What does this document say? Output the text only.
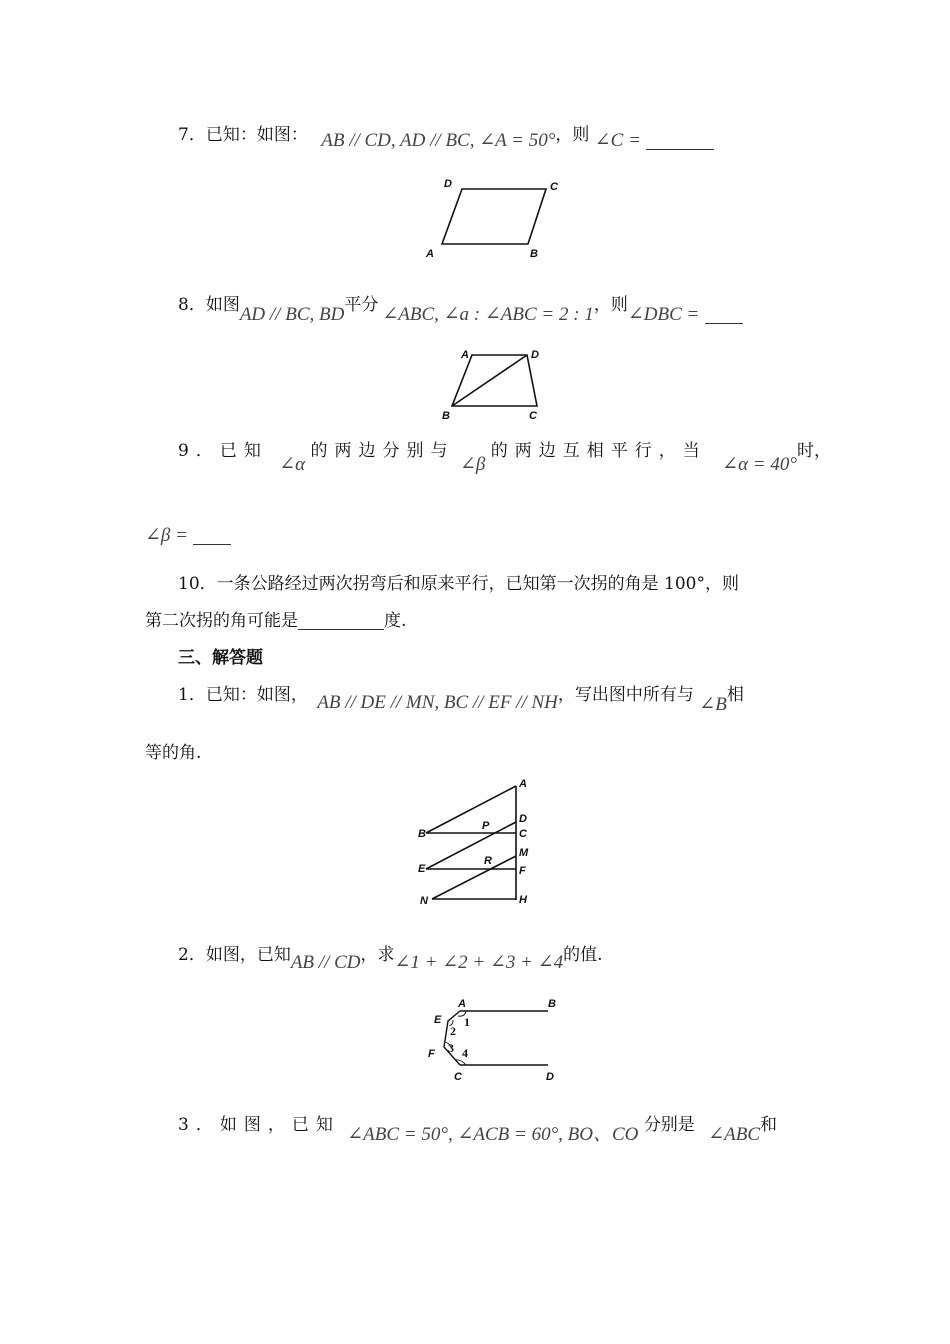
7．已知：如图： AB // CD, AD // BC, ∠A = 50°，则 ∠C =
D	C
A	B
8．如图AD // BC, BD平分 ∠ABC, ∠a : ∠ABC = 2 : 1，则∠DBC =
A	D
B	C
9．已知 ∠α 的两边分别与 ∠β 的两边互相平行，当 ∠α = 40°时，
∠β =
10．一条公路经过两次拐弯后和原来平行，已知第一次拐的角是 100°，则
第二次拐的角可能是	度.
三、解答题
1．已知：如图， AB // DE // MN, BC // EF // NH，写出图中所有与 ∠B相
等的角.
A
D
C
P
B
M
R
E	F
N	H
2．如图，已知AB // CD，求∠1 + ∠2 + ∠3 + ∠4的值.
A	B
E
F
C	D
1
2
3 4
3．如图，已知 ∠ABC = 50°, ∠ACB = 60°, BO、CO 分别是 ∠ABC和
